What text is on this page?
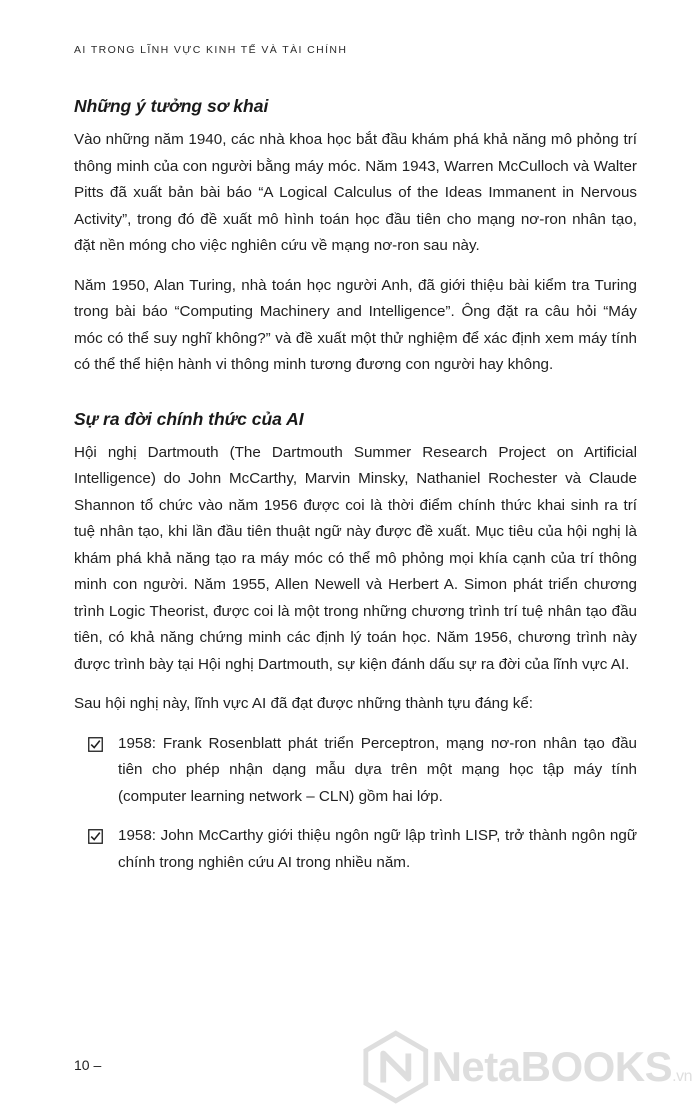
AI TRONG LĨNH VỰC KINH TẾ VÀ TÀI CHÍNH
Những ý tưởng sơ khai

Vào những năm 1940, các nhà khoa học bắt đầu khám phá khả năng mô phỏng trí thông minh của con người bằng máy móc. Năm 1943, Warren McCulloch và Walter Pitts đã xuất bản bài báo “A Logical Calculus of the Ideas Immanent in Nervous Activity”, trong đó đề xuất mô hình toán học đầu tiên cho mạng nơ-ron nhân tạo, đặt nền móng cho việc nghiên cứu về mạng nơ-ron sau này.

Năm 1950, Alan Turing, nhà toán học người Anh, đã giới thiệu bài kiểm tra Turing trong bài báo “Computing Machinery and Intelligence”. Ông đặt ra câu hỏi “Máy móc có thể suy nghĩ không?” và đề xuất một thử nghiệm để xác định xem máy tính có thể thể hiện hành vi thông minh tương đương con người hay không.

Sự ra đời chính thức của AI

Hội nghị Dartmouth (The Dartmouth Summer Research Project on Artificial Intelligence) do John McCarthy, Marvin Minsky, Nathaniel Rochester và Claude Shannon tổ chức vào năm 1956 được coi là thời điểm chính thức khai sinh ra trí tuệ nhân tạo, khi lần đầu tiên thuật ngữ này được đề xuất. Mục tiêu của hội nghị là khám phá khả năng tạo ra máy móc có thể mô phỏng mọi khía cạnh của trí thông minh con người. Năm 1955, Allen Newell và Herbert A. Simon phát triển chương trình Logic Theorist, được coi là một trong những chương trình trí tuệ nhân tạo đầu tiên, có khả năng chứng minh các định lý toán học. Năm 1956, chương trình này được trình bày tại Hội nghị Dartmouth, sự kiện đánh dấu sự ra đời của lĩnh vực AI.

Sau hội nghị này, lĩnh vực AI đã đạt được những thành tựu đáng kể:

1958: Frank Rosenblatt phát triển Perceptron, mạng nơ-ron nhân tạo đầu tiên cho phép nhận dạng mẫu dựa trên một mạng học tập máy tính (computer learning network – CLN) gồm hai lớp.
1958: John McCarthy giới thiệu ngôn ngữ lập trình LISP, trở thành ngôn ngữ chính trong nghiên cứu AI trong nhiều năm.
10 –	NetaBOOKS.vn
